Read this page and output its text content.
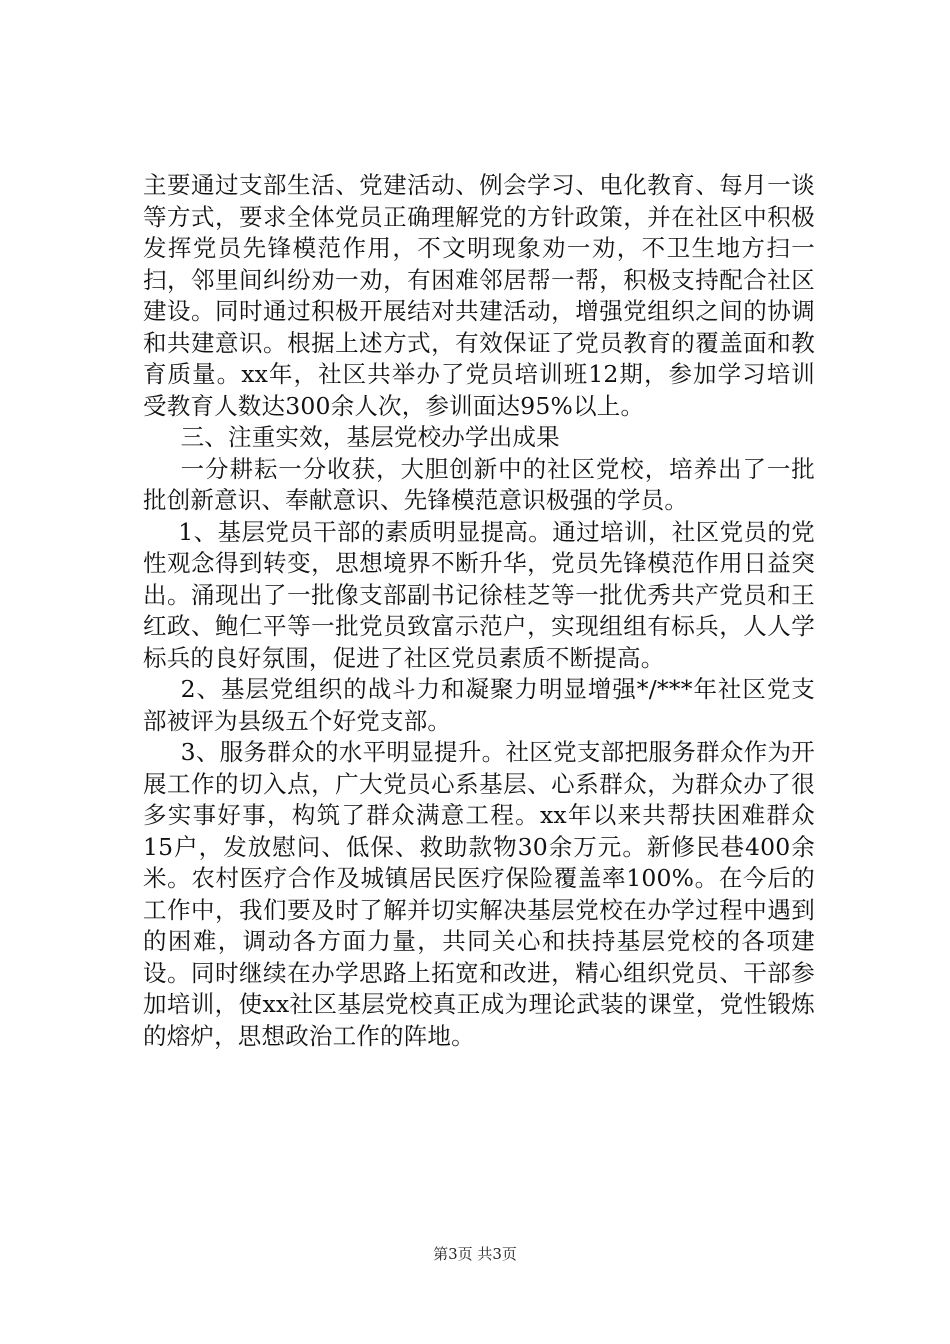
主要通过支部生活、党建活动、例会学习、电化教育、每月一谈等方式，要求全体党员正确理解党的方针政策，并在社区中积极发挥党员先锋模范作用，不文明现象劝一劝，不卫生地方扫一扫，邻里间纠纷劝一劝，有困难邻居帮一帮，积极支持配合社区建设。同时通过积极开展结对共建活动，增强党组织之间的协调和共建意识。根据上述方式，有效保证了党员教育的覆盖面和教育质量。xx年，社区共举办了党员培训班12期，参加学习培训受教育人数达300余人次，参训面达95%以上。

三、注重实效，基层党校办学出成果

一分耕耘一分收获，大胆创新中的社区党校，培养出了一批批创新意识、奉献意识、先锋模范意识极强的学员。

1、基层党员干部的素质明显提高。通过培训，社区党员的党性观念得到转变，思想境界不断升华，党员先锋模范作用日益突出。涌现出了一批像支部副书记徐桂芝等一批优秀共产党员和王红政、鲍仁平等一批党员致富示范户，实现组组有标兵，人人学标兵的良好氛围，促进了社区党员素质不断提高。

2、基层党组织的战斗力和凝聚力明显增强*/***年社区党支部被评为县级五个好党支部。

3、服务群众的水平明显提升。社区党支部把服务群众作为开展工作的切入点，广大党员心系基层、心系群众，为群众办了很多实事好事，构筑了群众满意工程。xx年以来共帮扶困难群众15户，发放慰问、低保、救助款物30余万元。新修民巷400余米。农村医疗合作及城镇居民医疗保险覆盖率100%。在今后的工作中，我们要及时了解并切实解决基层党校在办学过程中遇到的困难，调动各方面力量，共同关心和扶持基层党校的各项建设。同时继续在办学思路上拓宽和改进，精心组织党员、干部参加培训，使xx社区基层党校真正成为理论武装的课堂，党性锻炼的熔炉，思想政治工作的阵地。

第3页 共3页
